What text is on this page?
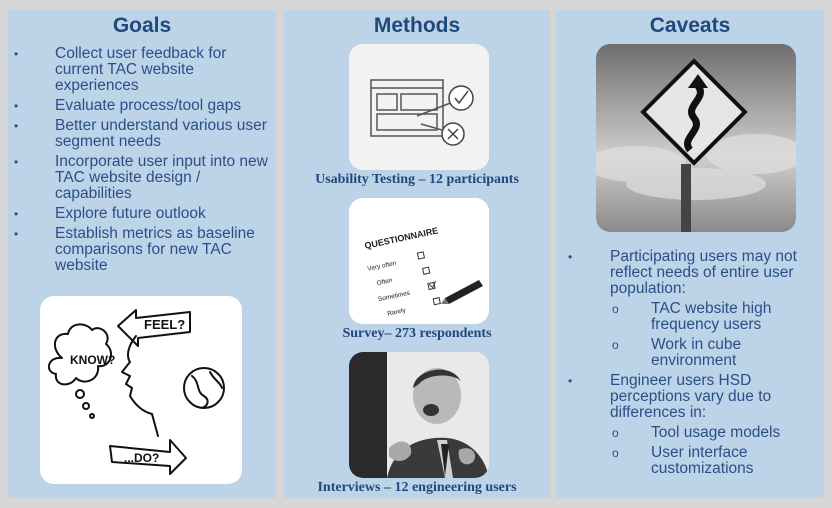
Goals
• Collect user feedback for current TAC website experiences
• Evaluate process/tool gaps
• Better understand various user segment needs
• Incorporate user input into new TAC website design / capabilities
• Explore future outlook
• Establish metrics as baseline comparisons for new TAC website
KNOW?
FEEL?
...DO?
Methods
Usability Testing – 12 participants
QUESTIONNAIRE
Very often
Often
Sometimes
Rarely
Survey– 273 respondents
Interviews – 12 engineering users
Caveats
• Participating users may not reflect needs of entire user population:
o TAC website high frequency users
o Work in cube environment
• Engineer users HSD perceptions vary due to differences in:
o Tool usage models
o User interface customizations
